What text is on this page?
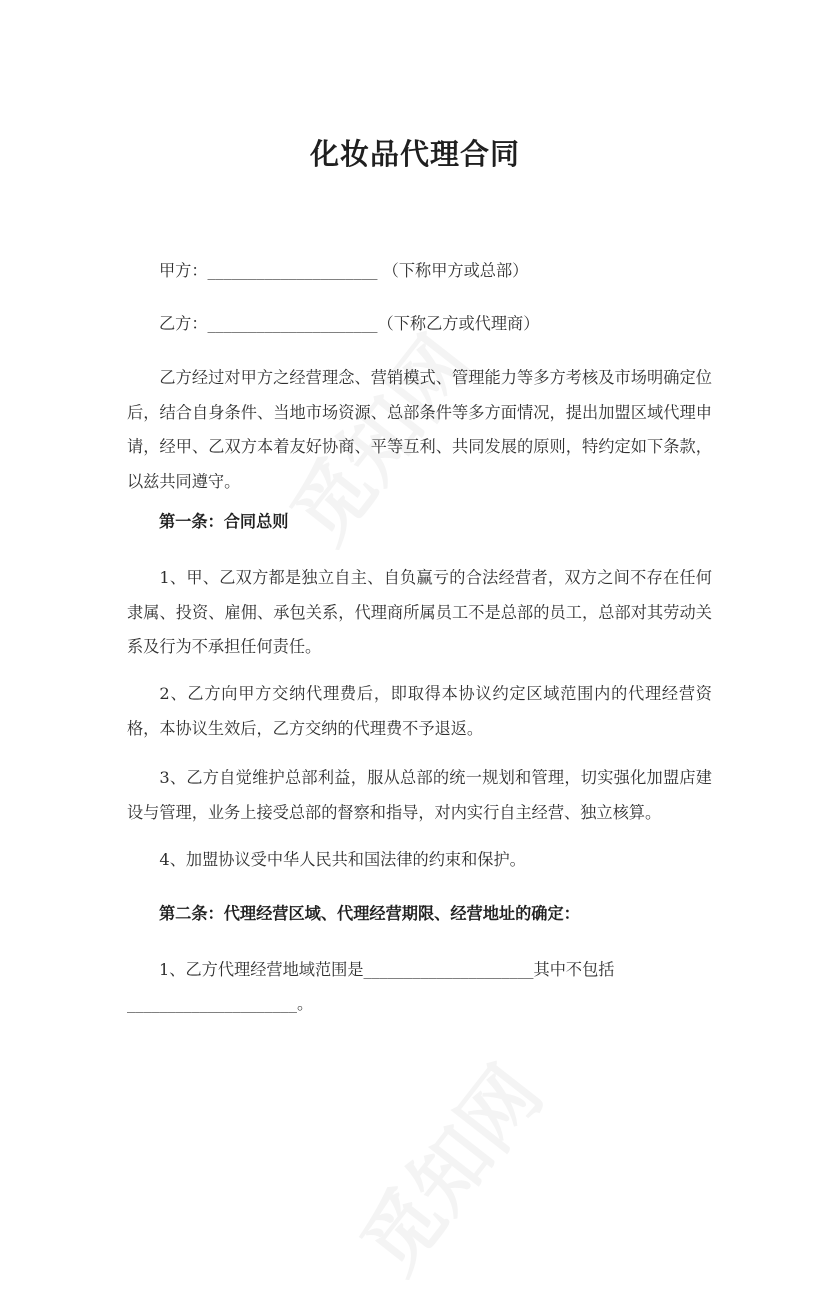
化妆品代理合同

甲方：_____________________ （下称甲方或总部）

乙方：_____________________（下称乙方或代理商）

乙方经过对甲方之经营理念、营销模式、管理能力等多方考核及市场明确定位后，结合自身条件、当地市场资源、总部条件等多方面情况，提出加盟区域代理申请，经甲、乙双方本着友好协商、平等互利、共同发展的原则，特约定如下条款，以兹共同遵守。

第一条：合同总则

1、甲、乙双方都是独立自主、自负赢亏的合法经营者，双方之间不存在任何隶属、投资、雇佣、承包关系，代理商所属员工不是总部的员工，总部对其劳动关系及行为不承担任何责任。

2、乙方向甲方交纳代理费后，即取得本协议约定区域范围内的代理经营资格，本协议生效后，乙方交纳的代理费不予退返。

3、乙方自觉维护总部利益，服从总部的统一规划和管理，切实强化加盟店建设与管理，业务上接受总部的督察和指导，对内实行自主经营、独立核算。

4、加盟协议受中华人民共和国法律的约束和保护。

第二条：代理经营区域、代理经营期限、经营地址的确定：

1、乙方代理经营地域范围是_____________________其中不包括

_____________________。
